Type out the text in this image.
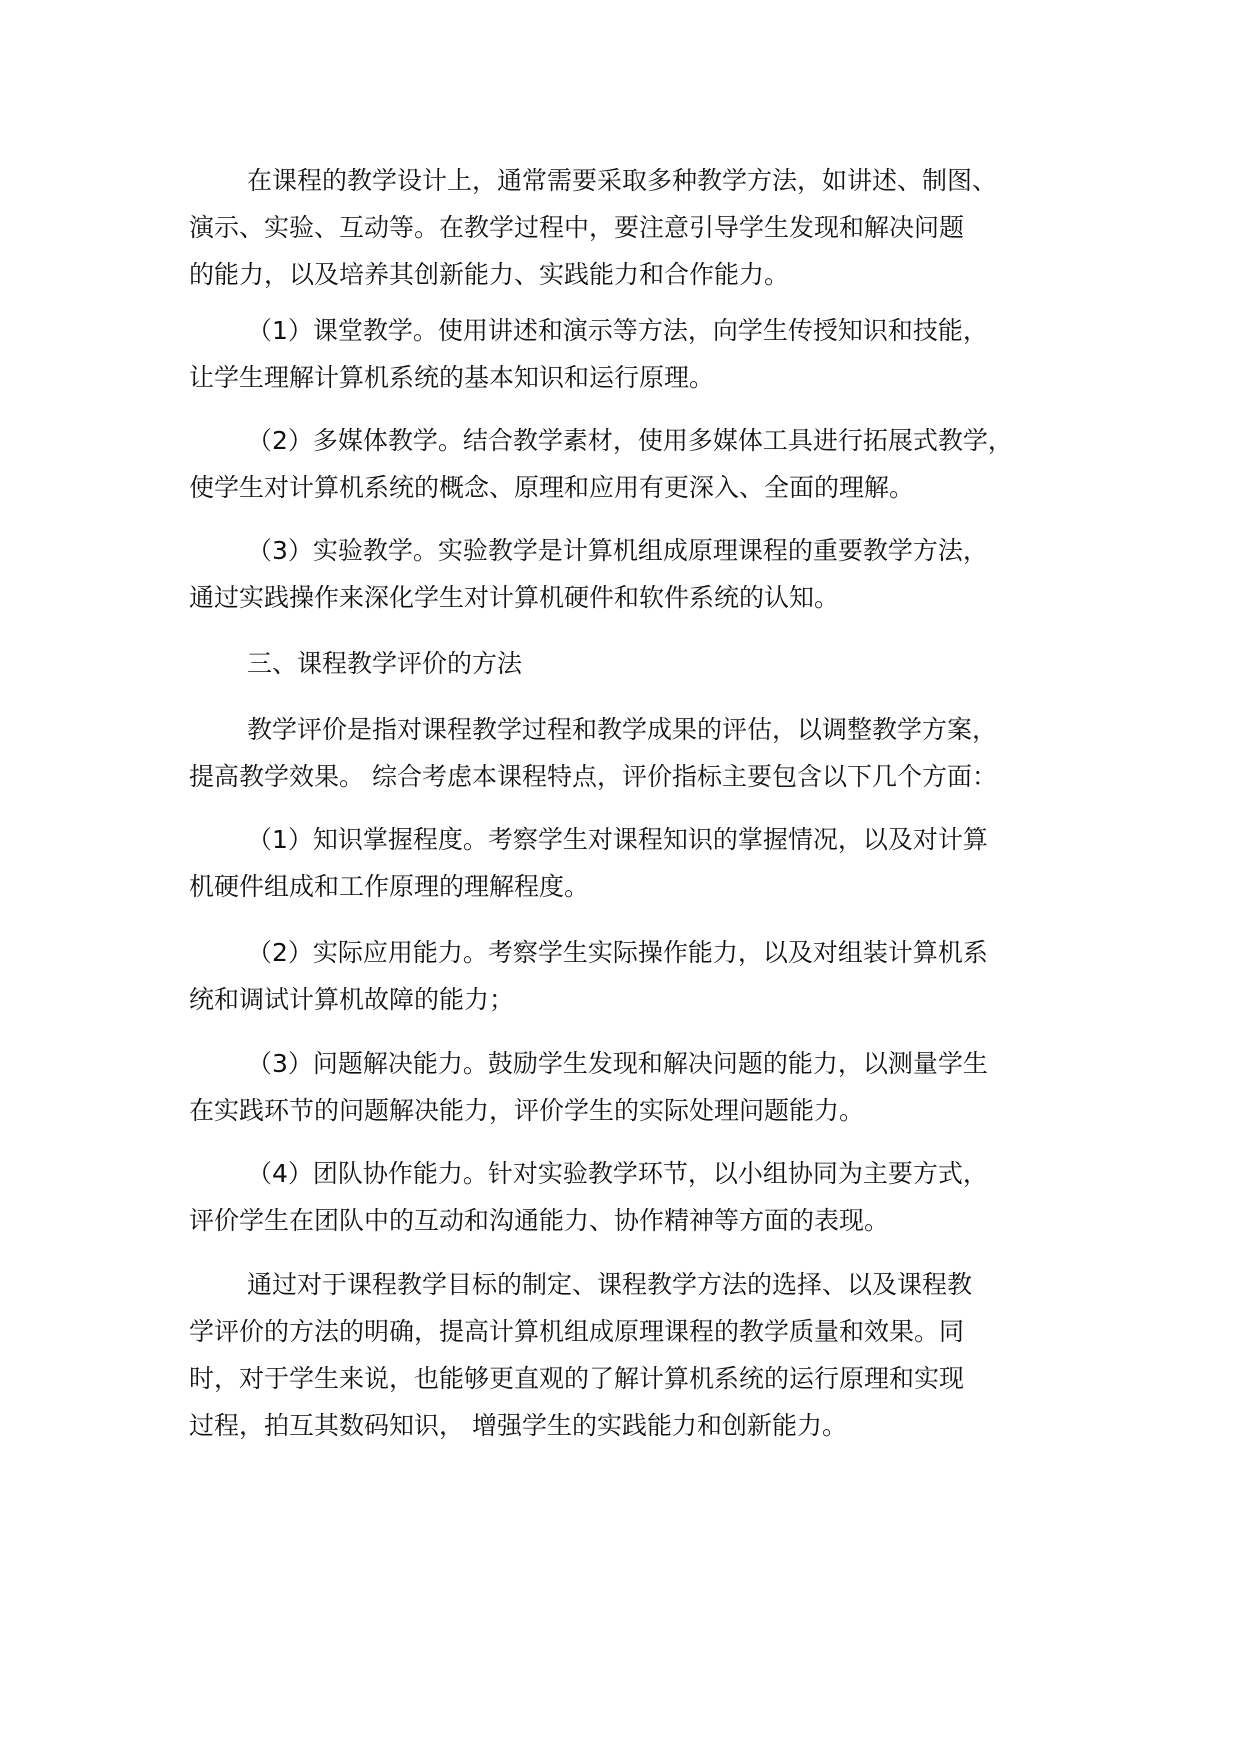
在课程的教学设计上，通常需要采取多种教学方法，如讲述、制图、
演示、实验、互动等。在教学过程中，要注意引导学生发现和解决问题
的能力，以及培养其创新能力、实践能力和合作能力。
（1）课堂教学。使用讲述和演示等方法，向学生传授知识和技能，
让学生理解计算机系统的基本知识和运行原理。
（2）多媒体教学。结合教学素材，使用多媒体工具进行拓展式教学，
使学生对计算机系统的概念、原理和应用有更深入、全面的理解。
（3）实验教学。实验教学是计算机组成原理课程的重要教学方法，
通过实践操作来深化学生对计算机硬件和软件系统的认知。
三、课程教学评价的方法
教学评价是指对课程教学过程和教学成果的评估，以调整教学方案，
提高教学效果。 综合考虑本课程特点，评价指标主要包含以下几个方面：
（1）知识掌握程度。考察学生对课程知识的掌握情况，以及对计算
机硬件组成和工作原理的理解程度。
（2）实际应用能力。考察学生实际操作能力，以及对组装计算机系
统和调试计算机故障的能力；
（3）问题解决能力。鼓励学生发现和解决问题的能力，以测量学生
在实践环节的问题解决能力，评价学生的实际处理问题能力。
（4）团队协作能力。针对实验教学环节，以小组协同为主要方式，
评价学生在团队中的互动和沟通能力、协作精神等方面的表现。
通过对于课程教学目标的制定、课程教学方法的选择、以及课程教
学评价的方法的明确，提高计算机组成原理课程的教学质量和效果。同
时，对于学生来说，也能够更直观的了解计算机系统的运行原理和实现
过程，拍互其数码知识， 增强学生的实践能力和创新能力。
